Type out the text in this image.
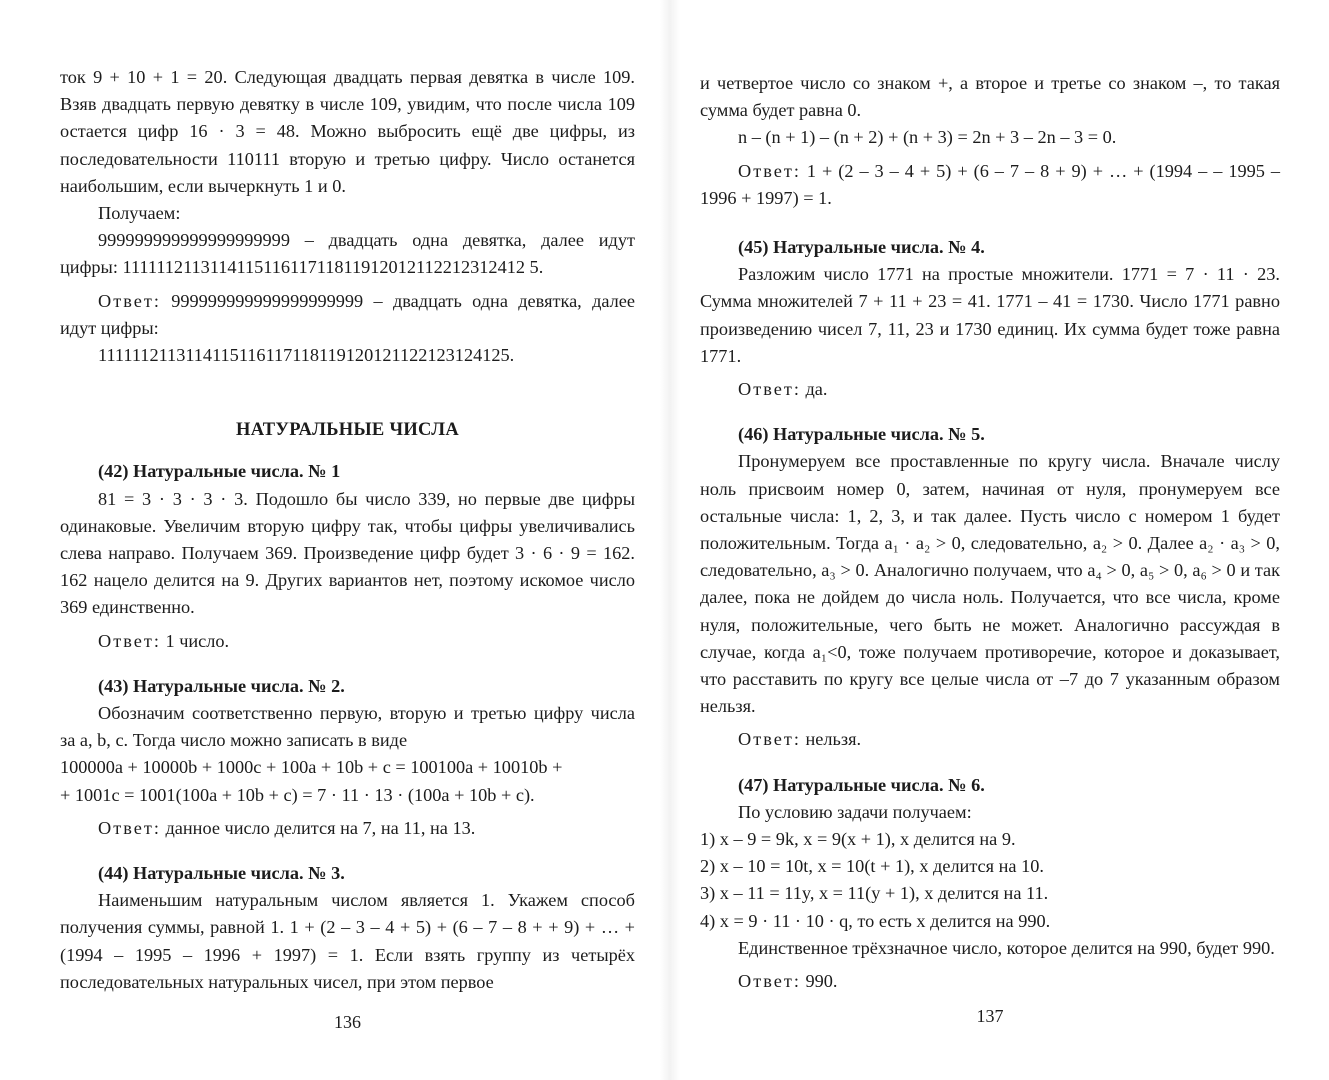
ток 9 + 10 + 1 = 20. Следующая двадцать первая девятка в числе 109. Взяв двадцать первую девятку в числе 109, увидим, что после числа 109 остается цифр 16 · 3 = 48. Можно выбросить ещё две цифры, из последовательности 110111 вторую и третью цифру. Число останется наибольшим, если вычеркнуть 1 и 0.

Получаем:

999999999999999999999 – двадцать одна девятка, далее идут цифры: 111111211311411511611711811912012112212312412 5.

Ответ: 999999999999999999999 – двадцать одна девятка, далее идут цифры:

1111112113114115116117118119120121122123124125.

НАТУРАЛЬНЫЕ ЧИСЛА

(42) Натуральные числа. № 1

81 = 3 · 3 · 3 · 3. Подошло бы число 339, но первые две цифры одинаковые. Увеличим вторую цифру так, чтобы цифры увеличивались слева направо. Получаем 369. Произведение цифр будет 3 · 6 · 9 = 162. 162 нацело делится на 9. Других вариантов нет, поэтому искомое число 369 единственно.

Ответ: 1 число.

(43) Натуральные числа. № 2.

Обозначим соответственно первую, вторую и третью цифру числа за a, b, c. Тогда число можно записать в виде

100000a + 10000b + 1000c + 100a + 10b + c = 100100a + 10010b +

+ 1001c = 1001(100a + 10b + c) = 7 · 11 · 13 · (100a + 10b + c).

Ответ: данное число делится на 7, на 11, на 13.

(44) Натуральные числа. № 3.

Наименьшим натуральным числом является 1. Укажем способ получения суммы, равной 1. 1 + (2 – 3 – 4 + 5) + (6 – 7 – 8 + + 9) + … + (1994 – 1995 – 1996 + 1997) = 1. Если взять группу из четырёх последовательных натуральных чисел, при этом первое

136

и четвертое число со знаком +, а второе и третье со знаком –, то такая сумма будет равна 0.

n – (n + 1) – (n + 2) + (n + 3) = 2n + 3 – 2n – 3 = 0.

Ответ: 1 + (2 – 3 – 4 + 5) + (6 – 7 – 8 + 9) + … + (1994 – – 1995 – 1996 + 1997) = 1.

(45) Натуральные числа. № 4.

Разложим число 1771 на простые множители. 1771 = 7 · 11 · 23. Сумма множителей 7 + 11 + 23 = 41. 1771 – 41 = 1730. Число 1771 равно произведению чисел 7, 11, 23 и 1730 единиц. Их сумма будет тоже равна 1771.

Ответ: да.

(46) Натуральные числа. № 5.

Пронумеруем все проставленные по кругу числа. Вначале числу ноль присвоим номер 0, затем, начиная от нуля, пронумеруем все остальные числа: 1, 2, 3, и так далее. Пусть число с номером 1 будет положительным. Тогда a₁ · a₂ > 0, следовательно, a₂ > 0. Далее a₂ · a₃ > 0, следовательно, a₃ > 0. Аналогично получаем, что a₄ > 0, a₅ > 0, a₆ > 0 и так далее, пока не дойдем до числа ноль. Получается, что все числа, кроме нуля, положительные, чего быть не может. Аналогично рассуждая в случае, когда a₁<0, тоже получаем противоречие, которое и доказывает, что расставить по кругу все целые числа от –7 до 7 указанным образом нельзя.

Ответ: нельзя.

(47) Натуральные числа. № 6.

По условию задачи получаем:

1) x – 9 = 9k, x = 9(x + 1), x делится на 9.

2) x – 10 = 10t, x = 10(t + 1), x делится на 10.

3) x – 11 = 11y, x = 11(y + 1), x делится на 11.

4) x = 9 · 11 · 10 · q, то есть x делится на 990.

Единственное трёхзначное число, которое делится на 990, будет 990.

Ответ: 990.

137
